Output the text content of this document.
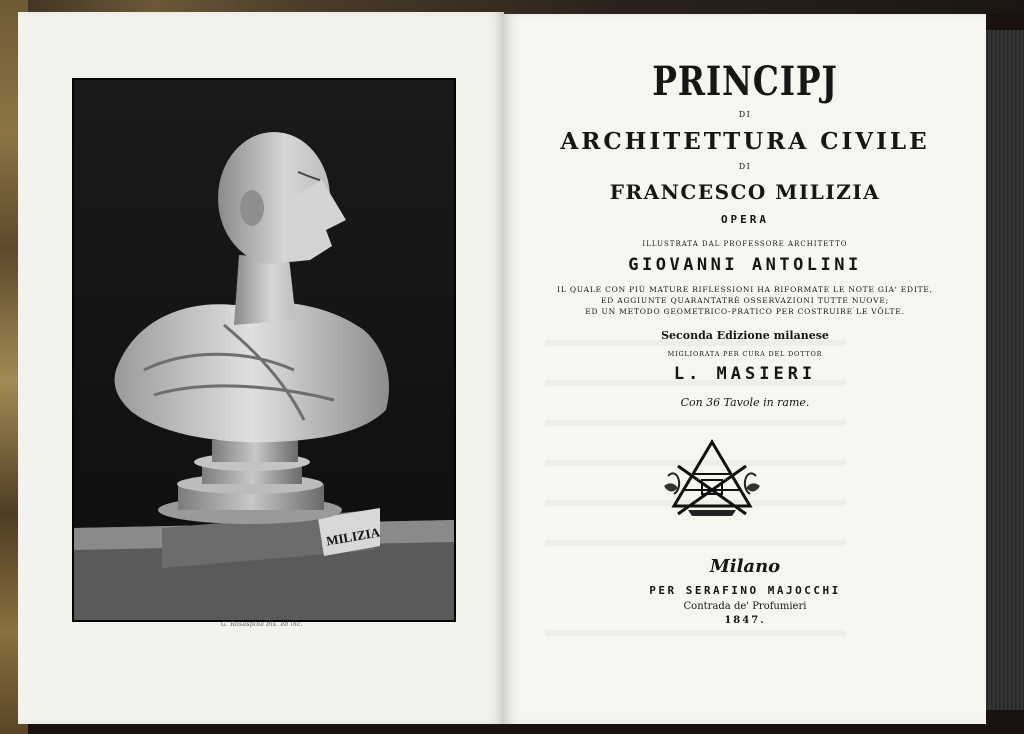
MILIZIA
G. Rosaspina dis. ed inc.
PRINCIPJ
DI
ARCHITETTURA CIVILE
DI
FRANCESCO MILIZIA
OPERA
ILLUSTRATA DAL PROFESSORE ARCHITETTO
GIOVANNI ANTOLINI
IL QUALE CON PIÙ MATURE RIFLESSIONI HA RIFORMATE LE NOTE GIA' EDITE,
ED AGGIUNTE QUARANTATRÈ OSSERVAZIONI TUTTE NUOVE;
ED UN METODO GEOMETRICO-PRATICO PER COSTRUIRE LE VÔLTE.
Seconda Edizione milanese
MIGLIORATA PER CURA DEL DOTTOR
L. MASIERI
Con 36 Tavole in rame.
Milano
PER SERAFINO MAJOCCHI
Contrada de' Profumieri
1847.
